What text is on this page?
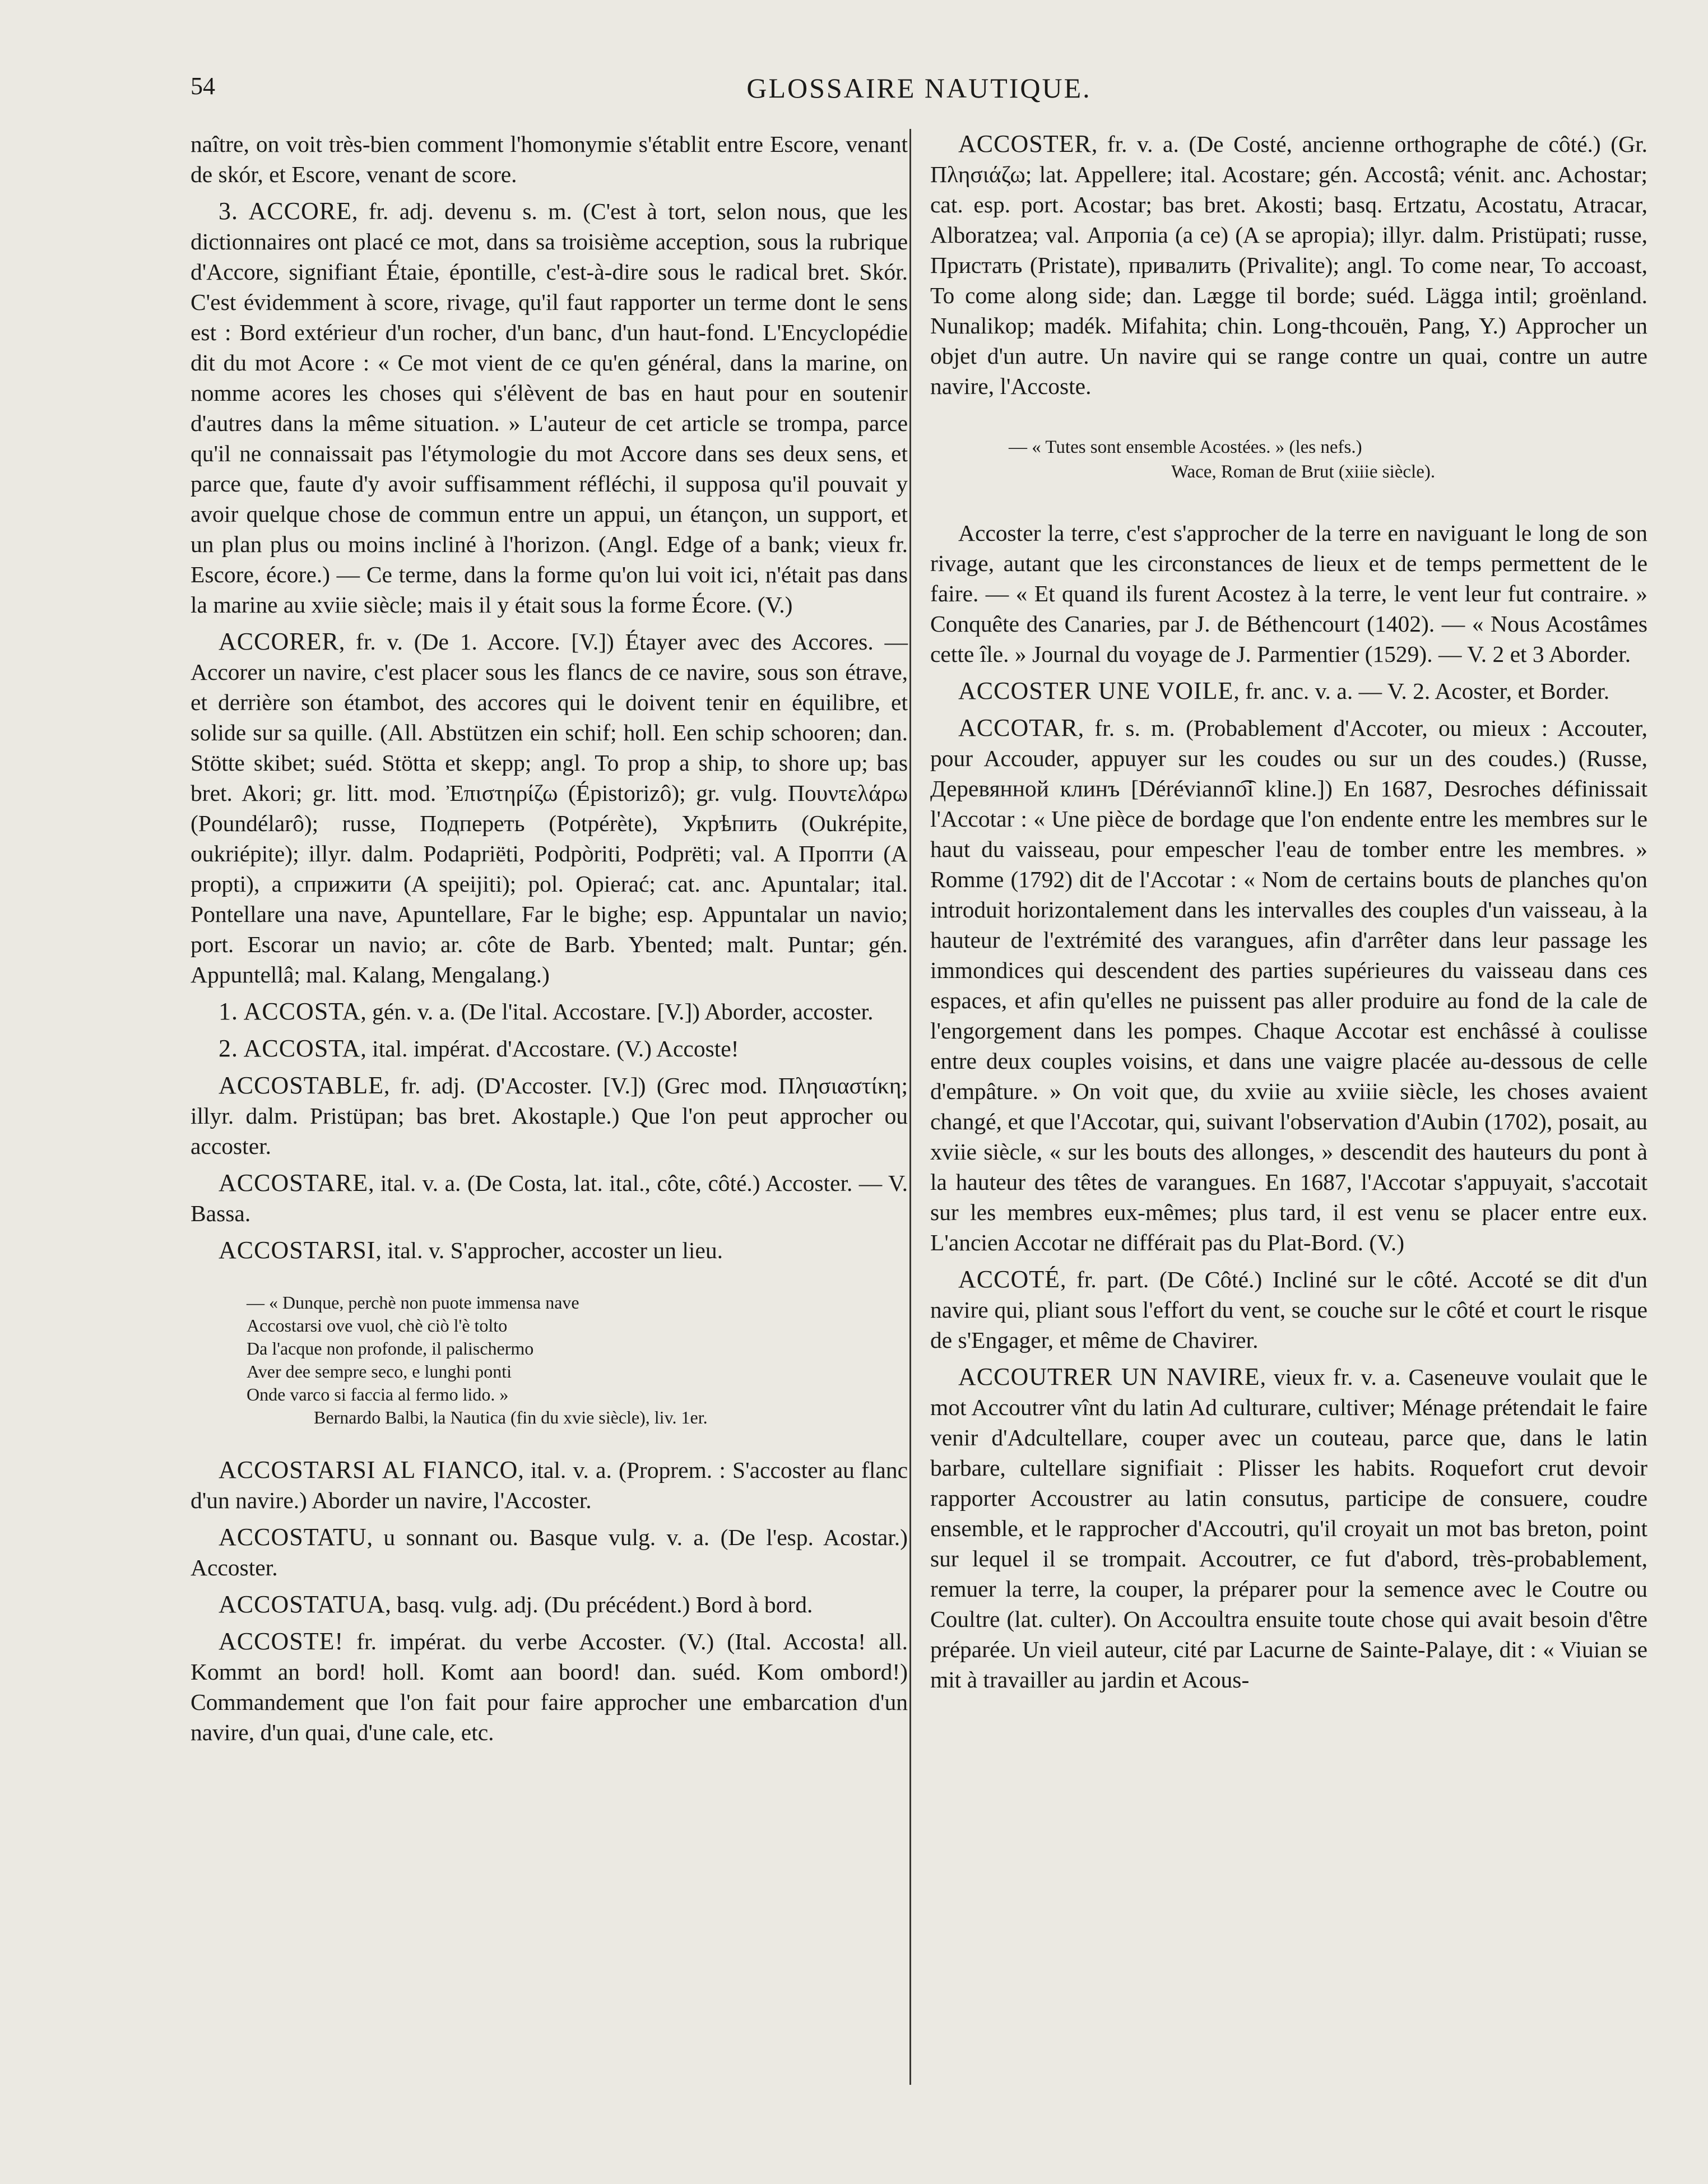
54	GLOSSAIRE NAUTIQUE.

naître, on voit très-bien comment l'homonymie s'établit entre Escore, venant de skór, et Escore, venant de score.

3. ACCORE, fr. adj. devenu s. m. (C'est à tort, selon nous, que les dictionnaires ont placé ce mot, dans sa troisième acception, sous la rubrique d'Accore, signifiant Étaie, épontille, c'est-à-dire sous le radical bret. Skór. C'est évidemment à score, rivage, qu'il faut rapporter un terme dont le sens est : Bord extérieur d'un rocher, d'un banc, d'un haut-fond. L'Encyclopédie dit du mot Acore : « Ce mot vient de ce qu'en général, dans la marine, on nomme acores les choses qui s'élèvent de bas en haut pour en soutenir d'autres dans la même situation. » L'auteur de cet article se trompa, parce qu'il ne connaissait pas l'étymologie du mot Accore dans ses deux sens, et parce que, faute d'y avoir suffisamment réfléchi, il supposa qu'il pouvait y avoir quelque chose de commun entre un appui, un étançon, un support, et un plan plus ou moins incliné à l'horizon. (Angl. Edge of a bank; vieux fr. Escore, écore.) — Ce terme, dans la forme qu'on lui voit ici, n'était pas dans la marine au xviie siècle; mais il y était sous la forme Écore. (V.)

ACCORER, fr. v. (De 1. Accore. [V.]) Étayer avec des Accores. — Accorer un navire, c'est placer sous les flancs de ce navire, sous son étrave, et derrière son étambot, des accores qui le doivent tenir en équilibre, et solide sur sa quille. (All. Abstützen ein schif; holl. Een schip schooren; dan. Stötte skibet; suéd. Stötta et skepp; angl. To prop a ship, to shore up; bas bret. Akori; gr. litt. mod. Ἐπιστηρίζω (Épistorizô); gr. vulg. Πουντελάρω (Poundélarô); russe, Подпереть (Potpérète), Укрѣпить (Oukrépite, oukriépite); illyr. dalm. Podapriëti, Podpòriti, Podprëti; val. A Пропти (A propti), a сприжити (A speijiti); pol. Opierać; cat. anc. Apuntalar; ital. Pontellare una nave, Apuntellare, Far le bighe; esp. Appuntalar un navio; port. Escorar un navio; ar. côte de Barb. Ybented; malt. Puntar; gén. Appuntellâ; mal. Kalang, Mengalang.)

1. ACCOSTA, gén. v. a. (De l'ital. Accostare. [V.]) Aborder, accoster.

2. ACCOSTA, ital. impérat. d'Accostare. (V.) Accoste!

ACCOSTABLE, fr. adj. (D'Accoster. [V.]) (Grec mod. Πλησιαστίκη; illyr. dalm. Pristüpan; bas bret. Akostaple.) Que l'on peut approcher ou accoster.

ACCOSTARE, ital. v. a. (De Costa, lat. ital., côte, côté.) Accoster. — V. Bassa.

ACCOSTARSI, ital. v. S'approcher, accoster un lieu.

— « Dunque, perchè non puote immensa nave
Accostarsi ove vuol, chè ciò l'è tolto
Da l'acque non profonde, il palischermo
Aver dee sempre seco, e lunghi ponti
Onde varco si faccia al fermo lido. »
Bernardo Balbi, la Nautica (fin du xvie siècle), liv. 1er.

ACCOSTARSI AL FIANCO, ital. v. a. (Proprem. : S'accoster au flanc d'un navire.) Aborder un navire, l'Accoster.

ACCOSTATU, u sonnant ou. Basque vulg. v. a. (De l'esp. Acostar.) Accoster.

ACCOSTATUA, basq. vulg. adj. (Du précédent.) Bord à bord.

ACCOSTE! fr. impérat. du verbe Accoster. (V.) (Ital. Accosta! all. Kommt an bord! holl. Komt aan boord! dan. suéd. Kom ombord!) Commandement que l'on fait pour faire approcher une embarcation d'un navire, d'un quai, d'une cale, etc.

ACCOSTER, fr. v. a. (De Costé, ancienne orthographe de côté.) (Gr. Πλησιάζω; lat. Appellere; ital. Acostare; gén. Accostâ; vénit. anc. Achostar; cat. esp. port. Acostar; bas bret. Akosti; basq. Ertzatu, Acostatu, Atracar, Alboratzea; val. Апропia (a ce) (A se apropia); illyr. dalm. Pristüpati; russe, Пристать (Pristate), привалить (Privalite); angl. To come near, To accoast, To come along side; dan. Lægge til borde; suéd. Lägga intil; groënland. Nunalikop; madék. Mifahita; chin. Long-thcouën, Pang, Y.) Approcher un objet d'un autre. Un navire qui se range contre un quai, contre un autre navire, l'Accoste.

— « Tutes sont ensemble Acostées. » (les nefs.)
Wace, Roman de Brut (xiiie siècle).

Accoster la terre, c'est s'approcher de la terre en naviguant le long de son rivage, autant que les circonstances de lieux et de temps permettent de le faire. — « Et quand ils furent Acostez à la terre, le vent leur fut contraire. » Conquête des Canaries, par J. de Béthencourt (1402). — « Nous Acostâmes cette île. » Journal du voyage de J. Parmentier (1529). — V. 2 et 3 Aborder.

ACCOSTER UNE VOILE, fr. anc. v. a. — V. 2. Acoster, et Border.

ACCOTAR, fr. s. m. (Probablement d'Accoter, ou mieux : Accouter, pour Accouder, appuyer sur les coudes ou sur un des coudes.) (Russe, Деревянной клинъ [Dérévianno͡i kline.]) En 1687, Desroches définissait l'Accotar : « Une pièce de bordage que l'on endente entre les membres sur le haut du vaisseau, pour empescher l'eau de tomber entre les membres. » Romme (1792) dit de l'Accotar : « Nom de certains bouts de planches qu'on introduit horizontalement dans les intervalles des couples d'un vaisseau, à la hauteur de l'extrémité des varangues, afin d'arrêter dans leur passage les immondices qui descendent des parties supérieures du vaisseau dans ces espaces, et afin qu'elles ne puissent pas aller produire au fond de la cale de l'engorgement dans les pompes. Chaque Accotar est enchâssé à coulisse entre deux couples voisins, et dans une vaigre placée au-dessous de celle d'empâture. » On voit que, du xviie au xviiie siècle, les choses avaient changé, et que l'Accotar, qui, suivant l'observation d'Aubin (1702), posait, au xviie siècle, « sur les bouts des allonges, » descendit des hauteurs du pont à la hauteur des têtes de varangues. En 1687, l'Accotar s'appuyait, s'accotait sur les membres eux-mêmes; plus tard, il est venu se placer entre eux. L'ancien Accotar ne différait pas du Plat-Bord. (V.)

ACCOTÉ, fr. part. (De Côté.) Incliné sur le côté. Accoté se dit d'un navire qui, pliant sous l'effort du vent, se couche sur le côté et court le risque de s'Engager, et même de Chavirer.

ACCOUTRER UN NAVIRE, vieux fr. v. a. Caseneuve voulait que le mot Accoutrer vînt du latin Ad culturare, cultiver; Ménage prétendait le faire venir d'Adcultellare, couper avec un couteau, parce que, dans le latin barbare, cultellare signifiait : Plisser les habits. Roquefort crut devoir rapporter Accoustrer au latin consutus, participe de consuere, coudre ensemble, et le rapprocher d'Accoutri, qu'il croyait un mot bas breton, point sur lequel il se trompait. Accoutrer, ce fut d'abord, très-probablement, remuer la terre, la couper, la préparer pour la semence avec le Coutre ou Coultre (lat. culter). On Accoultra ensuite toute chose qui avait besoin d'être préparée. Un vieil auteur, cité par Lacurne de Sainte-Palaye, dit : « Viuian se mit à travailler au jardin et Acous-
